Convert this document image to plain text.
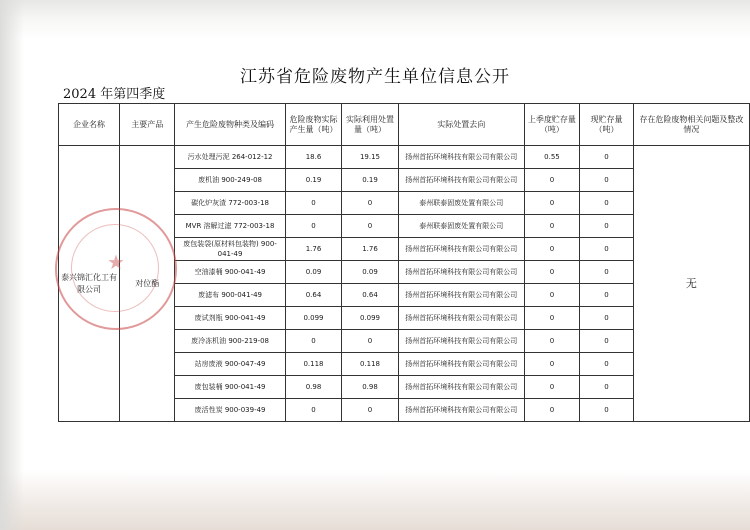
江苏省危险废物产生单位信息公开
2024 年第四季度
企业名称	主要产品	产生危险废物种类及编码	危险废物实际产生量（吨）	实际利用处置量（吨）	实际处置去向	上季度贮存量（吨）	现贮存量（吨）	存在危险废物相关问题及整改情况
泰兴锦汇化工有限公司	对位酯	污水处理污泥 264-012-12	18.6	19.15	扬州首拓环境科技有限公司有限公司	0.55	0	无
		废机油 900-249-08	0.19	0.19	扬州首拓环境科技有限公司有限公司	0	0	
		碳化炉灰渣 772-003-18	0	0	泰州联泰固废处置有限公司	0	0	
		MVR 溶解过滤 772-003-18	0	0	泰州联泰固废处置有限公司	0	0	
		废包装袋(原材料包装物) 900-041-49	1.76	1.76	扬州首拓环境科技有限公司有限公司	0	0	
		空油漆桶 900-041-49	0.09	0.09	扬州首拓环境科技有限公司有限公司	0	0	
		废滤布 900-041-49	0.64	0.64	扬州首拓环境科技有限公司有限公司	0	0	
		废试剂瓶 900-041-49	0.099	0.099	扬州首拓环境科技有限公司有限公司	0	0	
		废冷冻机油 900-219-08	0	0	扬州首拓环境科技有限公司有限公司	0	0	
		站房废液 900-047-49	0.118	0.118	扬州首拓环境科技有限公司有限公司	0	0	
		废包装桶 900-041-49	0.98	0.98	扬州首拓环境科技有限公司有限公司	0	0	
		废活性炭 900-039-49	0	0	扬州首拓环境科技有限公司有限公司	0	0	
★
